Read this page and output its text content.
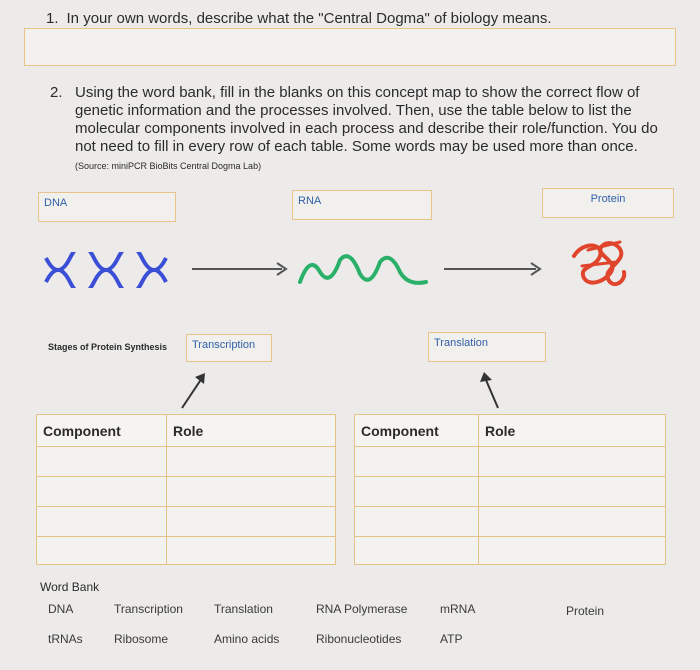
1. In your own words, describe what the "Central Dogma" of biology means.
2. Using the word bank, fill in the blanks on this concept map to show the correct flow of genetic information and the processes involved. Then, use the table below to list the molecular components involved in each process and describe their role/function. You do not need to fill in every row of each table. Some words may be used more than once. (Source: miniPCR BioBits Central Dogma Lab)
DNA	RNA	Protein
Stages of Protein Synthesis	Transcription	Translation
Component	Role

		Component	Role

Word Bank
DNA	Transcription	Translation	RNA Polymerase	mRNA	Protein
tRNAs	Ribosome	Amino acids	Ribonucleotides	ATP
